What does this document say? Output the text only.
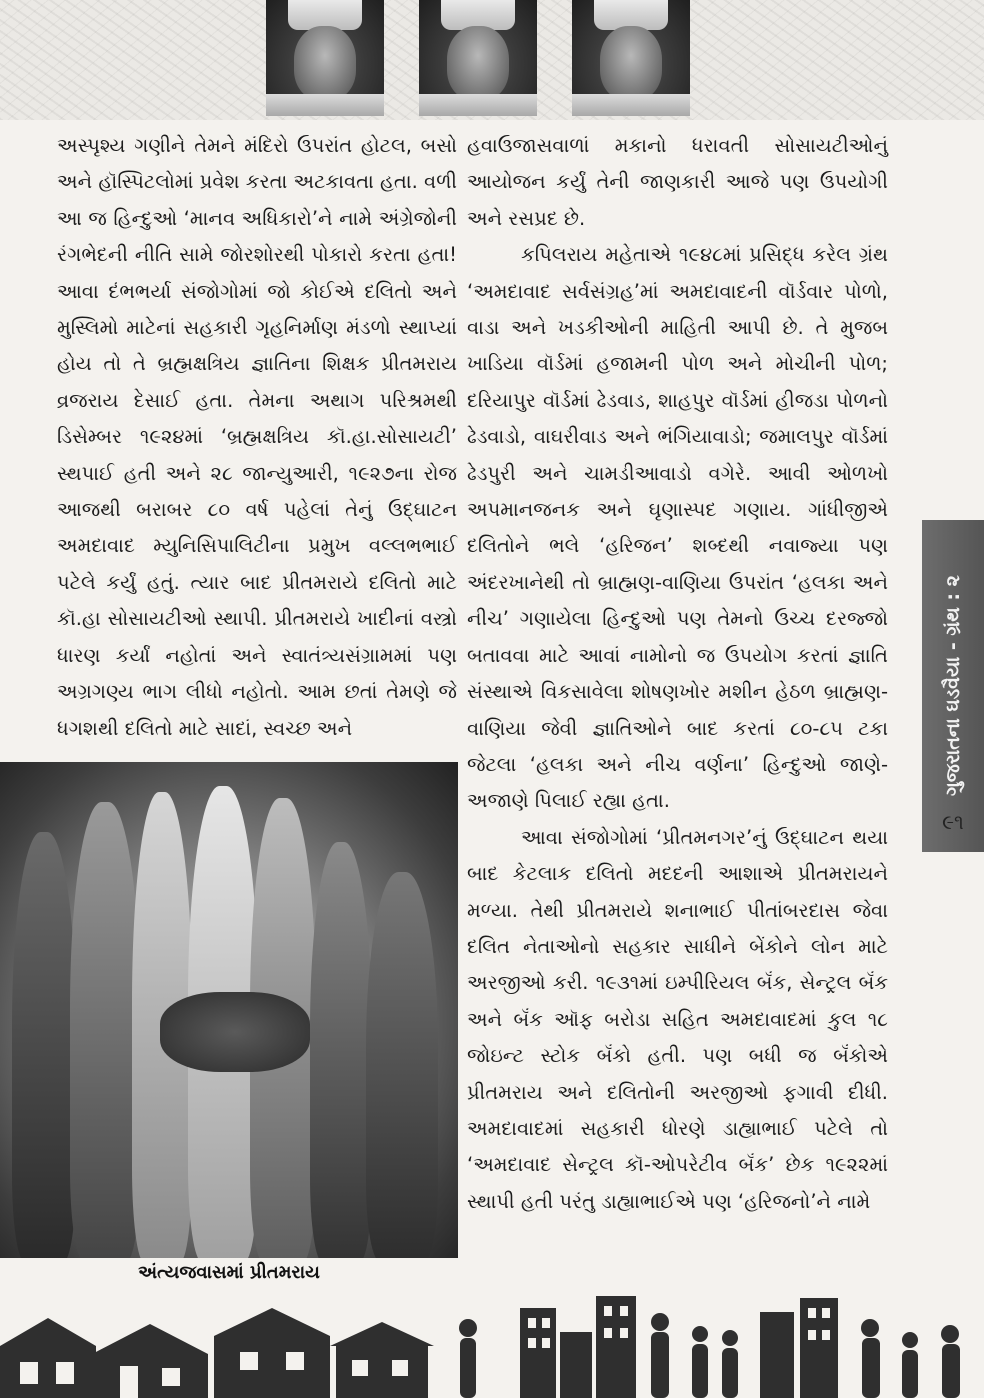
અસ્પૃશ્ય ગણીને તેમને મંદિરો ઉપરાંત હોટલ, બસો અને હૉસ્પિટલોમાં પ્રવેશ કરતા અટકાવતા હતા. વળી આ જ હિન્દુઓ ‘માનવ અધિકારો’ને નામે અંગ્રેજોની રંગભેદની નીતિ સામે જોરશોરથી પોકારો કરતા હતા! આવા દંભભર્યા સંજોગોમાં જો કોઈએ દલિતો અને મુસ્લિમો માટેનાં સહકારી ગૃહનિર્માણ મંડળો સ્થાપ્યાં હોય તો તે બ્રહ્મક્ષત્રિય જ્ઞાતિના શિક્ષક પ્રીતમરાય વ્રજરાય દેસાઈ હતા. તેમના અથાગ પરિશ્રમથી ડિસેમ્બર ૧૯૨૪માં ‘બ્રહ્મક્ષત્રિય કૉ.હા.સોસાયટી’ સ્થપાઈ હતી અને ૨૮ જાન્યુઆરી, ૧૯૨૭ના રોજ આજથી બરાબર ૮૦ વર્ષ પહેલાં તેનું ઉદ્‌ઘાટન અમદાવાદ મ્યુનિસિપાલિટીના પ્રમુખ વલ્લભભાઈ પટેલે કર્યું હતું. ત્યાર બાદ પ્રીતમરાયે દલિતો માટે કૉ.હા સોસાયટીઓ સ્થાપી. પ્રીતમરાયે ખાદીનાં વસ્ત્રો ધારણ કર્યાં નહોતાં અને સ્વાતંત્ર્યસંગ્રામમાં પણ અગ્રગણ્ય ભાગ લીધો નહોતો. આમ છતાં તેમણે જે ધગશથી દલિતો માટે સાદાં, સ્વચ્છ અને

અંત્યજવાસમાં પ્રીતમરાય

હવાઉજાસવાળાં મકાનો ધરાવતી સોસાયટીઓનું આયોજન કર્યું તેની જાણકારી આજે પણ ઉપયોગી અને રસપ્રદ છે.

કપિલરાય મહેતાએ ૧૯૪૮માં પ્રસિદ્ધ કરેલ ગ્રંથ ‘અમદાવાદ સર્વસંગ્રહ’માં અમદાવાદની વૉર્ડવાર પોળો, વાડા અને ખડકીઓની માહિતી આપી છે. તે મુજબ ખાડિયા વૉર્ડમાં હજામની પોળ અને મોચીની પોળ; દરિયાપુર વૉર્ડમાં ઢેડવાડ, શાહપુર વૉર્ડમાં હીજડા પોળનો ઢેડવાડો, વાઘરીવાડ અને ભંગિયાવાડો; જમાલપુર વૉર્ડમાં ઢેડપુરી અને ચામડીઆવાડો વગેરે. આવી ઓળખો અપમાનજનક અને ઘૃણાસ્પદ ગણાય. ગાંધીજીએ દલિતોને ભલે ‘હરિજન’ શબ્દથી નવાજ્યા પણ અંદરખાનેથી તો બ્રાહ્મણ-વાણિયા ઉપરાંત ‘હલકા અને નીચ’ ગણાયેલા હિન્દુઓ પણ તેમનો ઉચ્ચ દરજ્જો બતાવવા માટે આવાં નામોનો જ ઉપયોગ કરતાં જ્ઞાતિ સંસ્થાએ વિકસાવેલા શોષણખોર મશીન હેઠળ બ્રાહ્મણ-વાણિયા જેવી જ્ઞાતિઓને બાદ કરતાં ૮૦-૮૫ ટકા જેટલા ‘હલકા અને નીચ વર્ણના’ હિન્દુઓ જાણે-અજાણે પિલાઈ રહ્યા હતા.

આવા સંજોગોમાં ‘પ્રીતમનગર’નું ઉદ્‌ઘાટન થયા બાદ કેટલાક દલિતો મદદની આશાએ પ્રીતમરાયને મળ્યા. તેથી પ્રીતમરાયે શનાભાઈ પીતાંબરદાસ જેવા દલિત નેતાઓનો સહકાર સાધીને બેંકોને લોન માટે અરજીઓ કરી. ૧૯૩૧માં ઇમ્પીરિયલ બૅંક, સેન્ટ્રલ બૅંક અને બૅંક ઑફ બરોડા સહિત અમદાવાદમાં કુલ ૧૮ જોઇન્ટ સ્ટોક બૅંકો હતી. પણ બધી જ બૅંકોએ પ્રીતમરાય અને દલિતોની અરજીઓ ફગાવી દીધી. અમદાવાદમાં સહકારી ધોરણે ડાહ્યાભાઈ પટેલે તો ‘અમદાવાદ સેન્ટ્રલ કૉ-ઓપરેટીવ બૅંક’ છેક ૧૯૨૨માં સ્થાપી હતી પરંતુ ડાહ્યાભાઈએ પણ ‘હરિજનો’ને નામે

ગુજરાતના ઘડવૈયા - ગ્રંથ : ૨
૯૧
